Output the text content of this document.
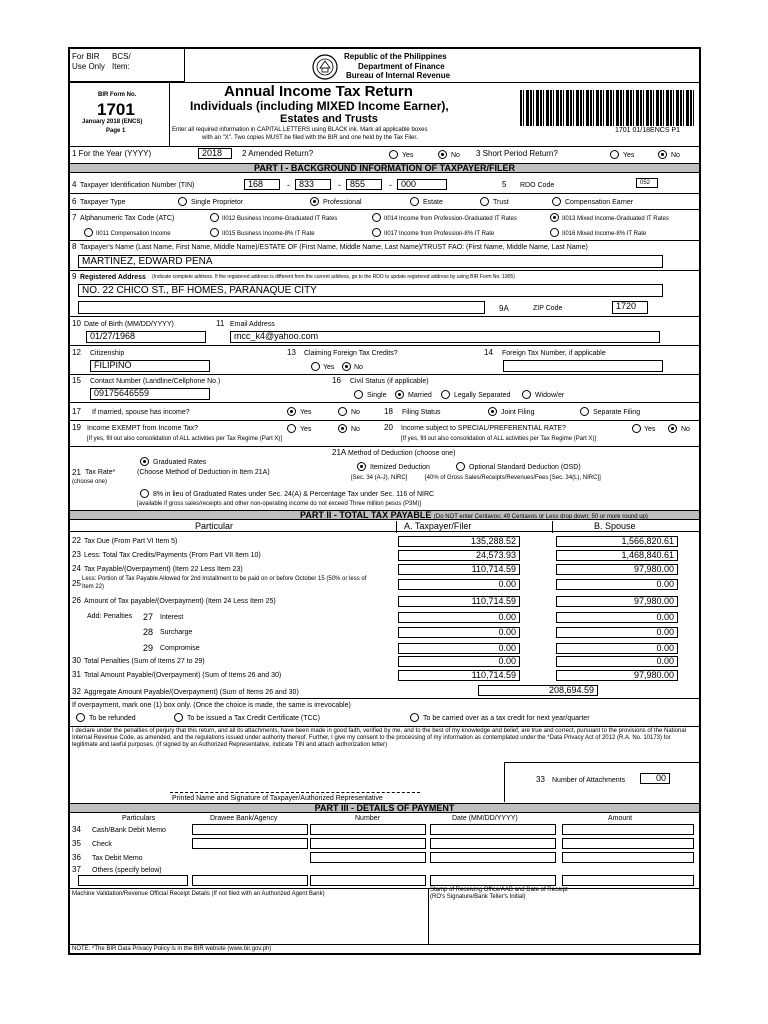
For BIR
Use Only
BCS/
Item:
Republic of the Philippines
Department of Finance
Bureau of Internal Revenue
BIR Form No.
1701
January 2018 (ENCS)
Page 1
Annual Income Tax Return
Individuals (including MIXED Income Earner),
Estates and Trusts
Enter all required information in CAPITAL LETTERS using BLACK ink. Mark all applicable boxes
with an "X". Two copies MUST be filed with the BIR and one held by the Tax Filer.
1701 01/18ENCS P1
1 For the Year (YYYY)	2018	2 Amended Return?	Yes	No 3 Short Period Return?	Yes	No
PART I - BACKGROUND INFORMATION OF TAXPAYER/FILER
4 Taxpayer Identification Number (TIN)	168	-	833	-	855	-	000	5 RDO Code	052
6 Taxpayer Type	Single Proprietor	Professional	Estate	Trust	Compensation Earner
7 Alphanumeric Tax Code (ATC)	II012 Business Income-Graduated IT Rates	II014 Income from Profession-Graduated IT Rates	II013 Mixed Income-Graduated IT Rates
II011 Compensation Income	II015 Business Income-8% IT Rate	II017 Income from Profession-8% IT Rate	II016 Mixed Income-8% IT Rate
8 Taxpayer's Name (Last Name, First Name, Middle Name)/ESTATE OF (First Name, Middle Name, Last Name)/TRUST FAO: (First Name, Middle Name, Last Name)
MARTINEZ, EDWARD PEÑA
9 Registered Address (Indicate complete address. If the registered address is different from the current address, go to the RDO to update registered address by using BIR Form No. 1905)
NO. 22 CHICO ST., BF HOMES, PARANAQUE CITY
9A	ZIP Code	1720
10 Date of Birth (MM/DD/YYYY)
01/27/1968
11 Email Address
mcc_k4@yahoo.com
12 Citizenship
FILIPINO
13 Claiming Foreign Tax Credits?
Yes	No
14 Foreign Tax Number, if applicable
15 Contact Number (Landline/Cellphone No.)
09175646559
16 Civil Status (if applicable)
Single	Married	Legally Separated	Widow/er
17 If married, spouse has income?	Yes	No	18 Filing Status	Joint Filing	Separate Filing
19 Income EXEMPT from Income Tax?	Yes	No
[If yes, fill out also consolidation of ALL activities per Tax Regime (Part X)]
20 Income subject to SPECIAL/PREFERENTIAL RATE?	Yes	No
[If yes, fill out also consolidation of ALL activities per Tax Regime (Part X)]
21 Tax Rate*
(choose one)
Graduated Rates
(Choose Method of Deduction in Item 21A)
21A Method of Deduction (choose one)
Itemized Deduction	Optional Standard Deduction (OSD)
[Sec. 34 (A-J), NIRC]	[40% of Gross Sales/Receipts/Revenues/Fees [Sec. 34(L), NIRC]]
8% in lieu of Graduated Rates under Sec. 24(A) & Percentage Tax under Sec. 116 of NIRC
[available if gross sales/receipts and other non-operating income do not exceed Three million pesos (P3M)]
PART II - TOTAL TAX PAYABLE (Do NOT enter Centavos; 49 Centavos or Less drop down; 50 or more round up)
Particular	A. Taxpayer/Filer	B. Spouse
22 Tax Due (From Part VI Item 5)	135,288.52	1,566,820.61
23 Less: Total Tax Credits/Payments (From Part VII Item 10)	24,573.93	1,468,840.61
24 Tax Payable/(Overpayment) (Item 22 Less Item 23)	110,714.59	97,980.00
25 Less: Portion of Tax Payable Allowed for 2nd Installment to be paid on or before October 15 (50% or less of Item 22)	0.00	0.00
26 Amount of Tax payable/(Overpayment) (Item 24 Less Item 25)	110,714.59	97,980.00
27 Interest	0.00	0.00
28 Surcharge	0.00	0.00
29 Compromise	0.00	0.00
30 Total Penalties (Sum of Items 27 to 29)	0.00	0.00
31 Total Amount Payable/(Overpayment) (Sum of Items 26 and 30)	110,714.59	97,980.00
Add: Penalties
32 Aggregate Amount Payable/(Overpayment) (Sum of Items 26 and 30)	208,694.59
If overpayment, mark one (1) box only. (Once the choice is made, the same is irrevocable)
To be refunded	To be issued a Tax Credit Certificate (TCC)	To be carried over as a tax credit for next year/quarter
I declare under the penalties of perjury that this return, and all its attachments, have been made in good faith, verified by me, and to the best of my knowledge and belief, are true and correct, pursuant to the provisions of the National Internal Revenue Code, as amended, and the regulations issued under authority thereof. Further, I give my consent to the processing of my information as contemplated under the *Data Privacy Act of 2012 (R.A. No. 10173) for legitimate and lawful purposes. (If signed by an Authorized Representative, indicate TIN and attach authorization letter)
33 Number of Attachments	00
Printed Name and Signature of Taxpayer/Authorized Representative
PART III - DETAILS OF PAYMENT
Particulars	Drawee Bank/Agency	Number	Date (MM/DD/YYYY)	Amount
34 Cash/Bank Debit Memo
35 Check
36 Tax Debit Memo
37 Others (specify below)
Machine Validation/Revenue Official Receipt Details (If not filed with an Authorized Agent Bank)
Stamp of Receiving Office/AAB and Date of Receipt
(RO's Signature/Bank Teller's Initial)
NOTE: *The BIR Data Privacy Policy is in the BIR website (www.bir.gov.ph)
